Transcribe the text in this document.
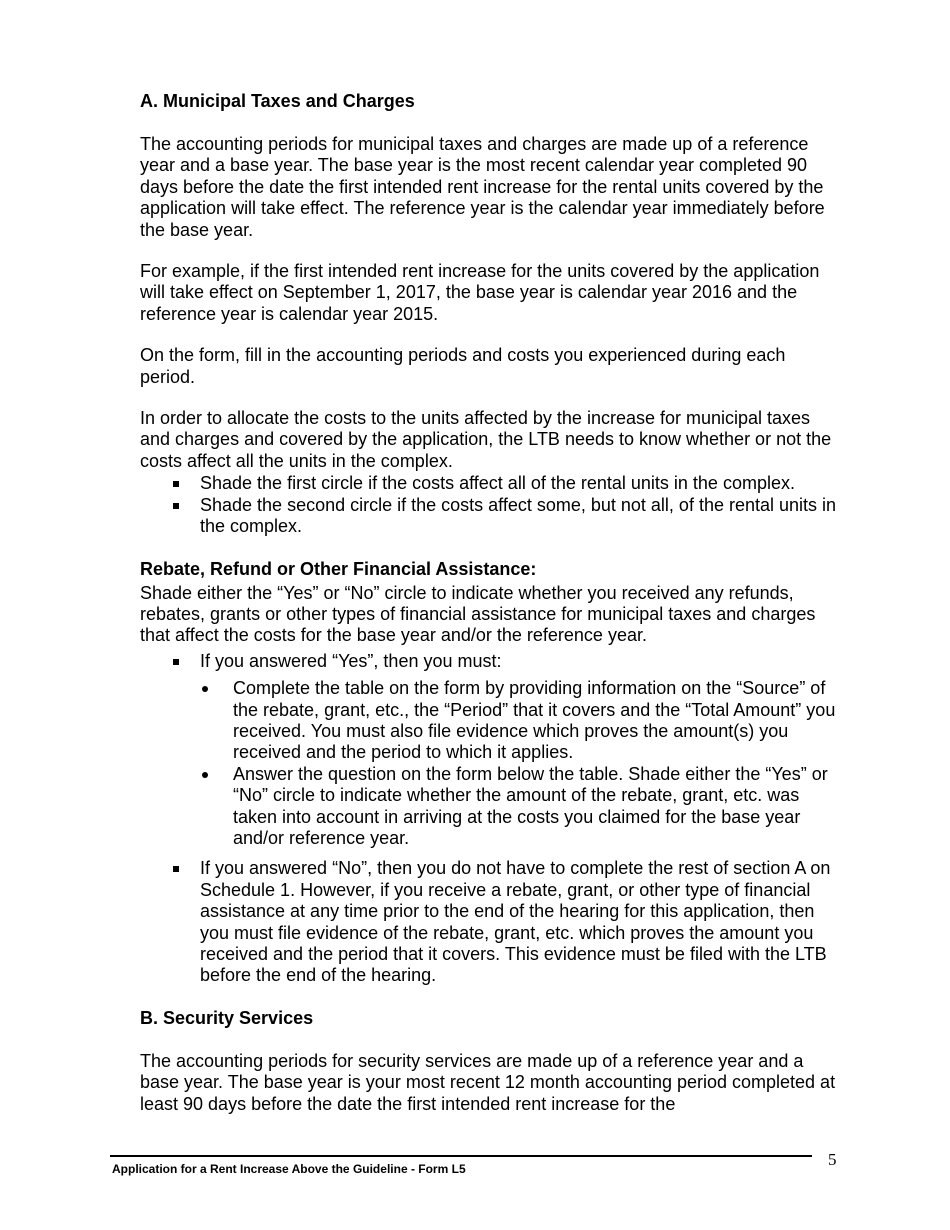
A. Municipal Taxes and Charges

The accounting periods for municipal taxes and charges are made up of a reference year and a base year. The base year is the most recent calendar year completed 90 days before the date the first intended rent increase for the rental units covered by the application will take effect. The reference year is the calendar year immediately before the base year.

For example, if the first intended rent increase for the units covered by the application will take effect on September 1, 2017, the base year is calendar year 2016 and the reference year is calendar year 2015.

On the form, fill in the accounting periods and costs you experienced during each period.

In order to allocate the costs to the units affected by the increase for municipal taxes and charges and covered by the application, the LTB needs to know whether or not the costs affect all the units in the complex.

Shade the first circle if the costs affect all of the rental units in the complex.
Shade the second circle if the costs affect some, but not all, of the rental units in the complex.
Rebate, Refund or Other Financial Assistance:

Shade either the “Yes” or “No” circle to indicate whether you received any refunds, rebates, grants or other types of financial assistance for municipal taxes and charges that affect the costs for the base year and/or the reference year.

If you answered “Yes”, then you must:
Complete the table on the form by providing information on the “Source” of the rebate, grant, etc., the “Period” that it covers and the “Total Amount” you received. You must also file evidence which proves the amount(s) you received and the period to which it applies.
Answer the question on the form below the table. Shade either the “Yes” or “No” circle to indicate whether the amount of the rebate, grant, etc. was taken into account in arriving at the costs you claimed for the base year and/or reference year.
If you answered “No”, then you do not have to complete the rest of section A on Schedule 1. However, if you receive a rebate, grant, or other type of financial assistance at any time prior to the end of the hearing for this application, then you must file evidence of the rebate, grant, etc. which proves the amount you received and the period that it covers. This evidence must be filed with the LTB before the end of the hearing.
B. Security Services

The accounting periods for security services are made up of a reference year and a base year. The base year is your most recent 12 month accounting period completed at least 90 days before the date the first intended rent increase for the

Application for a Rent Increase Above the Guideline - Form L5	5
